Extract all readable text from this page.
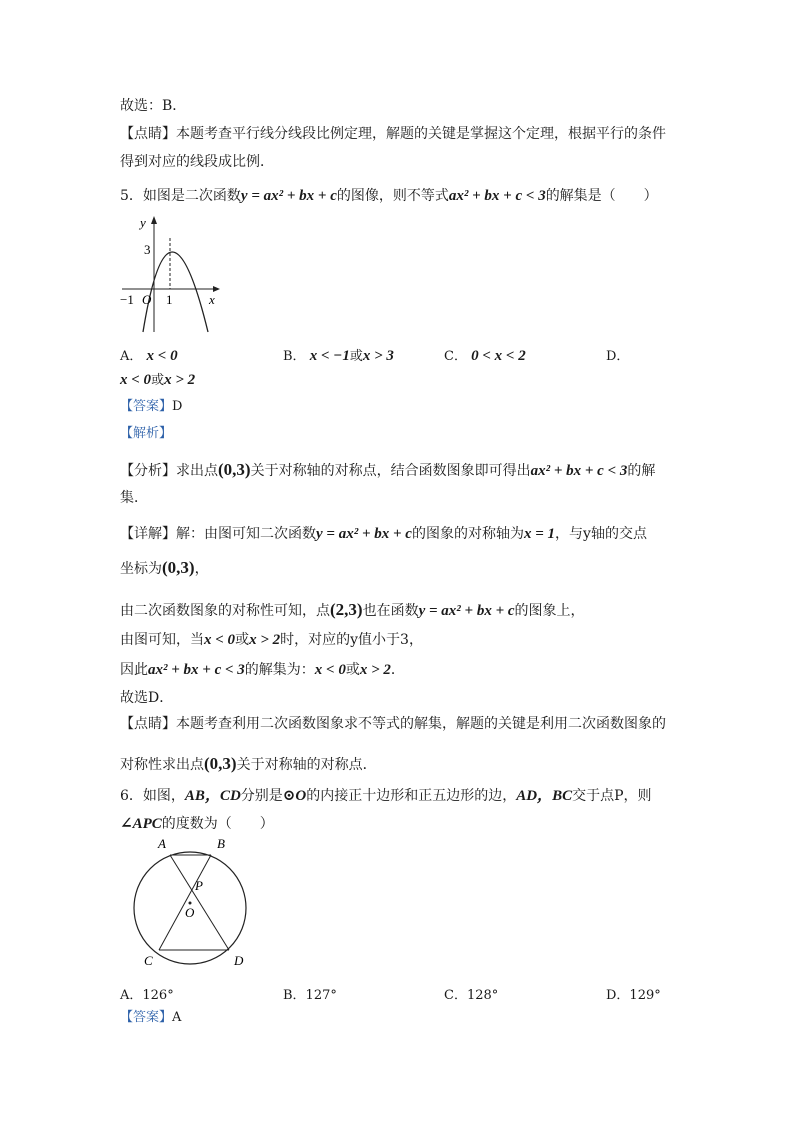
故选：B．
【点睛】本题考查平行线分线段比例定理，解题的关键是掌握这个定理，根据平行的条件
得到对应的线段成比例．
5．如图是二次函数y = ax² + bx + c的图像，则不等式ax² + bx + c < 3的解集是（　　）
y
x
3
−1 O 1
A． x < 0	B． x < −1或x > 3	C． 0 < x < 2	D．
x < 0或x > 2
【答案】D
【解析】
【分析】求出点(0,3)关于对称轴的对称点，结合函数图象即可得出ax² + bx + c < 3的解
集．
【详解】解：由图可知二次函数y = ax² + bx + c的图象的对称轴为x = 1，与y轴的交点
坐标为(0,3)，
由二次函数图象的对称性可知，点(2,3)也在函数y = ax² + bx + c的图象上，
由图可知，当x < 0或x > 2时，对应的y值小于3，
因此ax² + bx + c < 3的解集为：x < 0或x > 2．
故选D．
【点睛】本题考查利用二次函数图象求不等式的解集，解题的关键是利用二次函数图象的
对称性求出点(0,3)关于对称轴的对称点．
6．如图，AB，CD分别是⊙O的内接正十边形和正五边形的边，AD，BC交于点P，则
∠APC的度数为（　　）
A	B
C	D
P
O
A．126°	B．127°	C．128°	D．129°
【答案】A
